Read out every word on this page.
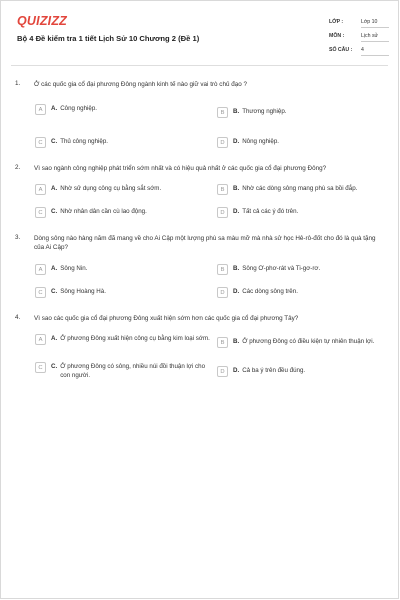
QUIZIZZ
Bộ 4 Đề kiểm tra 1 tiết Lịch Sử 10 Chương 2 (Đề 1)
LỚP :	Lớp 10
MÔN :	Lịch sử
SỐ CÂU : 4
1. Ở các quốc gia cổ đại phương Đông ngành kinh tế nào giữ vai trò chủ đạo ?
A	A. Công nghiệp.
B	B. Thương nghiệp.
C	C. Thủ công nghiệp.	D	D. Nông nghiệp.
2. Vì sao ngành công nghiệp phát triển sớm nhất và có hiệu quả nhất ở các quốc gia cổ đại phương Đông?
A	A. Nhờ sử dụng công cụ bằng sắt sớm.	B	B. Nhờ các dòng sông mang phù sa bồi đắp.
C	C. Nhờ nhân dân cần cù lao động.	D	D. Tất cả các ý đó trên.
3. Dòng sông nào hàng năm đã mang về cho Ai Cập một lượng phù sa màu mỡ mà nhà sử học Hê-rô-đốt cho đó là quà tặng của Ai Cập?
A	A. Sông Nin.	B	B. Sông Ơ-phơ-rát và Ti-gơ-rơ.
C	C. Sông Hoàng Hà.	D	D. Các dòng sông trên.
4. Vì sao các quốc gia cổ đại phương Đông xuất hiện sớm hơn các quốc gia cổ đại phương Tây?
A	A. Ở phương Đông xuất hiện công cụ bằng kim loại sớm.
B	B. Ở phương Đông có điều kiện tự nhiên thuận lợi.
C	C. Ở phương Đông có sông, nhiều núi đồi thuận lợi cho con người.	D	D. Cả ba ý trên đều đúng.
